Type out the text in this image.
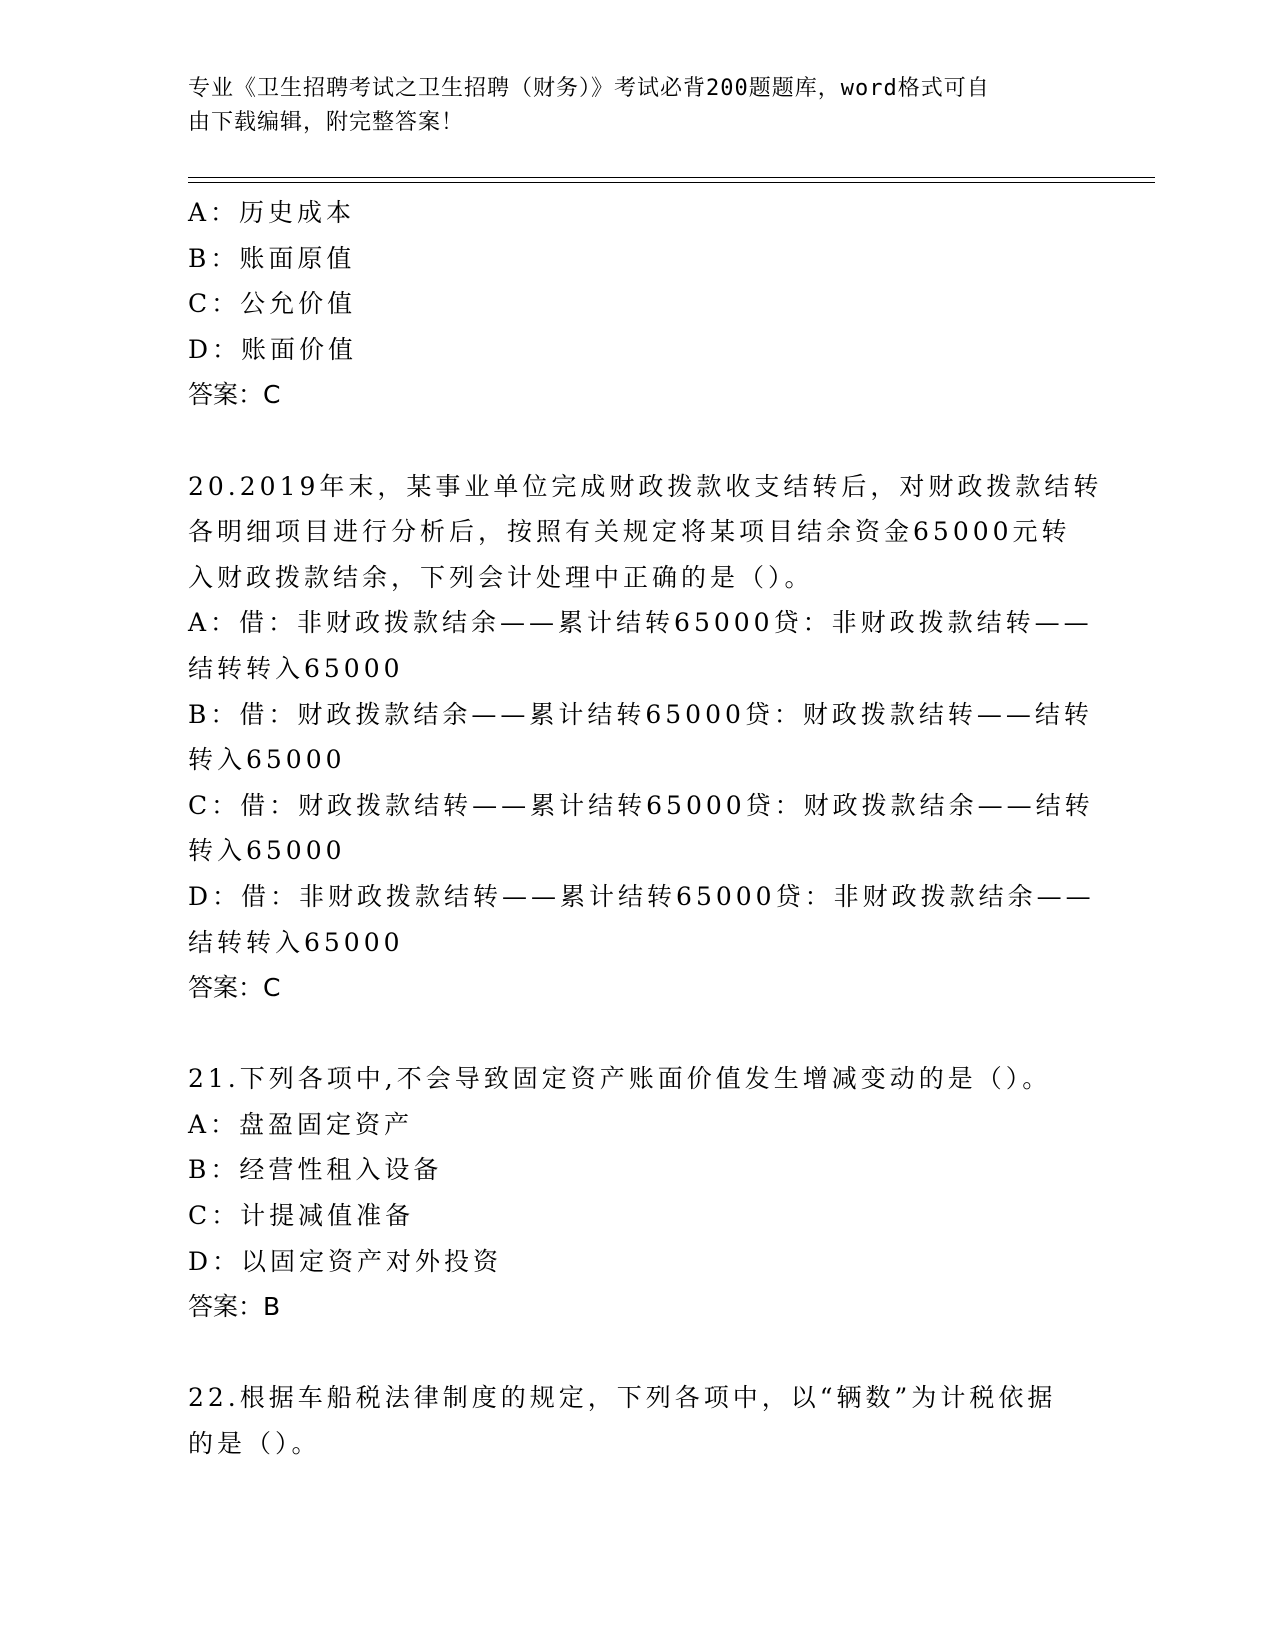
专业《卫生招聘考试之卫生招聘（财务）》考试必背200题题库，word格式可自
由下载编辑，附完整答案！
A：历史成本
B：账面原值
C：公允价值
D：账面价值
答案：C
20.2019年末，某事业单位完成财政拨款收支结转后，对财政拨款结转
各明细项目进行分析后，按照有关规定将某项目结余资金65000元转
入财政拨款结余，下列会计处理中正确的是（）。
A：借：非财政拨款结余——累计结转65000贷：非财政拨款结转——
结转转入65000
B：借：财政拨款结余——累计结转65000贷：财政拨款结转——结转
转入65000
C：借：财政拨款结转——累计结转65000贷：财政拨款结余——结转
转入65000
D：借：非财政拨款结转——累计结转65000贷：非财政拨款结余——
结转转入65000
答案：C
21.下列各项中,不会导致固定资产账面价值发生增减变动的是（）。
A：盘盈固定资产
B：经营性租入设备
C：计提减值准备
D：以固定资产对外投资
答案：B
22.根据车船税法律制度的规定，下列各项中，以“辆数”为计税依据
的是（）。
